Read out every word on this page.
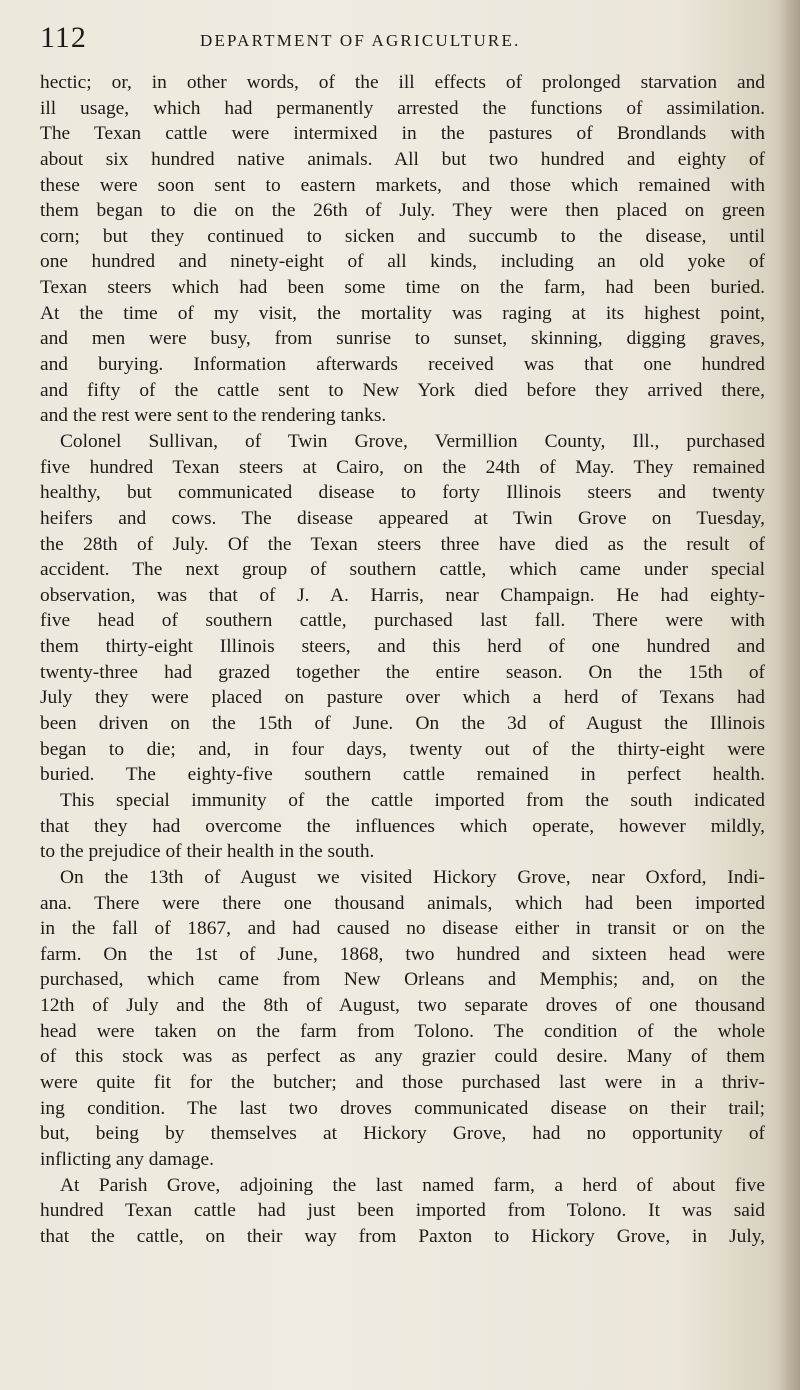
112	DEPARTMENT OF AGRICULTURE.
hectic; or, in other words, of the ill effects of prolonged starvation and
ill usage, which had permanently arrested the functions of assimilation.
The Texan cattle were intermixed in the pastures of Brondlands with
about six hundred native animals. All but two hundred and eighty of
these were soon sent to eastern markets, and those which remained with
them began to die on the 26th of July. They were then placed on green
corn; but they continued to sicken and succumb to the disease, until
one hundred and ninety-eight of all kinds, including an old yoke of
Texan steers which had been some time on the farm, had been buried.
At the time of my visit, the mortality was raging at its highest point,
and men were busy, from sunrise to sunset, skinning, digging graves,
and burying. Information afterwards received was that one hundred
and fifty of the cattle sent to New York died before they arrived there,
and the rest were sent to the rendering tanks.
Colonel Sullivan, of Twin Grove, Vermillion County, Ill., purchased
five hundred Texan steers at Cairo, on the 24th of May. They remained
healthy, but communicated disease to forty Illinois steers and twenty
heifers and cows. The disease appeared at Twin Grove on Tuesday,
the 28th of July. Of the Texan steers three have died as the result of
accident. The next group of southern cattle, which came under special
observation, was that of J. A. Harris, near Champaign. He had eighty-
five head of southern cattle, purchased last fall. There were with
them thirty-eight Illinois steers, and this herd of one hundred and
twenty-three had grazed together the entire season. On the 15th of
July they were placed on pasture over which a herd of Texans had
been driven on the 15th of June. On the 3d of August the Illinois
began to die; and, in four days, twenty out of the thirty-eight were
buried. The eighty-five southern cattle remained in perfect health.
This special immunity of the cattle imported from the south indicated
that they had overcome the influences which operate, however mildly,
to the prejudice of their health in the south.
On the 13th of August we visited Hickory Grove, near Oxford, Indi-
ana. There were there one thousand animals, which had been imported
in the fall of 1867, and had caused no disease either in transit or on the
farm. On the 1st of June, 1868, two hundred and sixteen head were
purchased, which came from New Orleans and Memphis; and, on the
12th of July and the 8th of August, two separate droves of one thousand
head were taken on the farm from Tolono. The condition of the whole
of this stock was as perfect as any grazier could desire. Many of them
were quite fit for the butcher; and those purchased last were in a thriv-
ing condition. The last two droves communicated disease on their trail;
but, being by themselves at Hickory Grove, had no opportunity of
inflicting any damage.
At Parish Grove, adjoining the last named farm, a herd of about five
hundred Texan cattle had just been imported from Tolono. It was said
that the cattle, on their way from Paxton to Hickory Grove, in July,
